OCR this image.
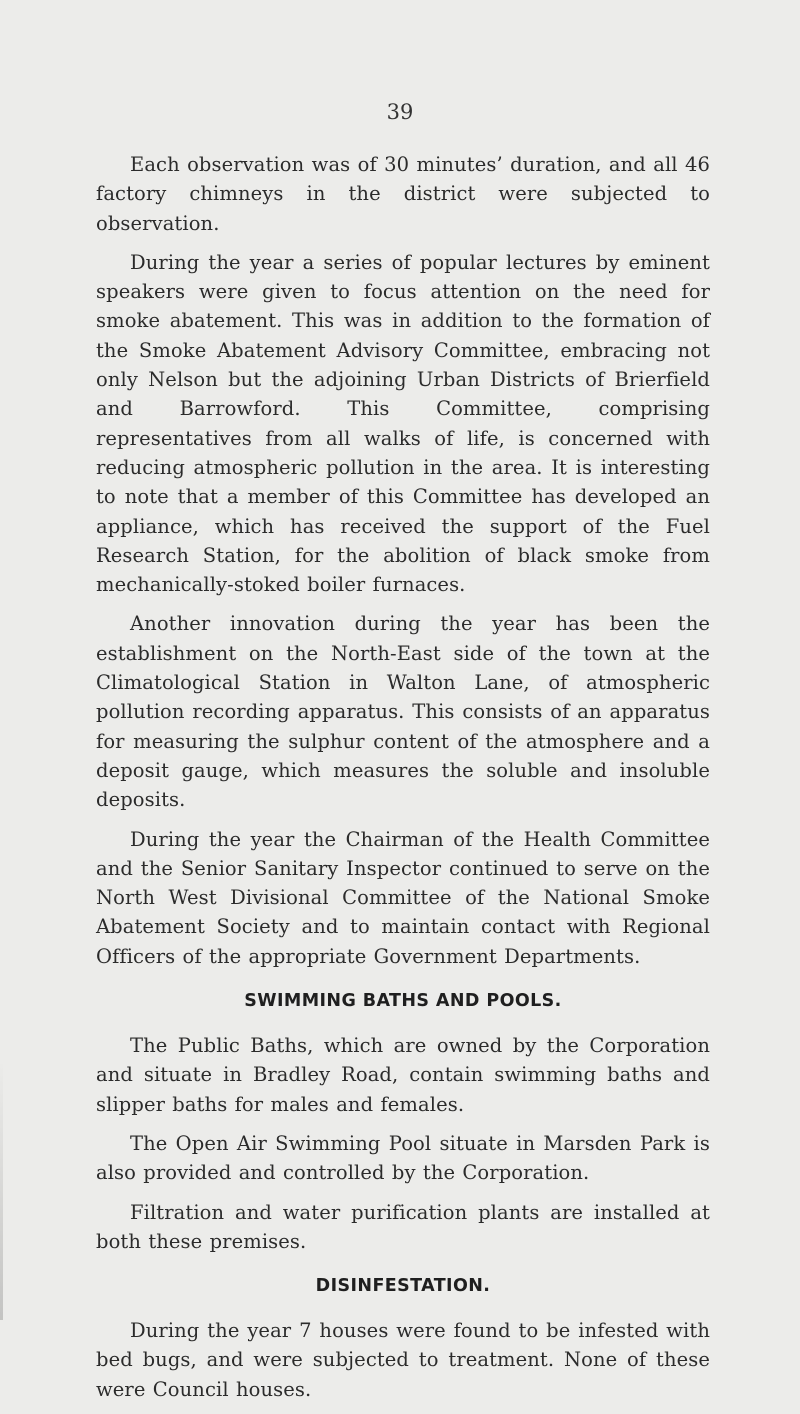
39

Each observation was of 30 minutes’ duration, and all 46 factory chimneys in the district were subjected to observation.

During the year a series of popular lectures by eminent speakers were given to focus attention on the need for smoke abatement. This was in addition to the formation of the Smoke Abatement Advisory Committee, embracing not only Nelson but the adjoining Urban Districts of Brierfield and Barrowford. This Committee, comprising representatives from all walks of life, is concerned with reducing atmospheric pollution in the area. It is interesting to note that a member of this Committee has developed an appliance, which has received the support of the Fuel Research Station, for the abolition of black smoke from mechanically-stoked boiler furnaces.

Another innovation during the year has been the establishment on the North-East side of the town at the Climatological Station in Walton Lane, of atmospheric pollution recording apparatus. This consists of an apparatus for measuring the sulphur content of the atmosphere and a deposit gauge, which measures the soluble and insoluble deposits.

During the year the Chairman of the Health Committee and the Senior Sanitary Inspector continued to serve on the North West Divisional Committee of the National Smoke Abatement Society and to maintain contact with Regional Officers of the appropriate Government Departments.

SWIMMING BATHS AND POOLS.

The Public Baths, which are owned by the Corporation and situate in Bradley Road, contain swimming baths and slipper baths for males and females.

The Open Air Swimming Pool situate in Marsden Park is also provided and controlled by the Corporation.

Filtration and water purification plants are installed at both these premises.

DISINFESTATION.

During the year 7 houses were found to be infested with bed bugs, and were subjected to treatment. None of these were Council houses.
